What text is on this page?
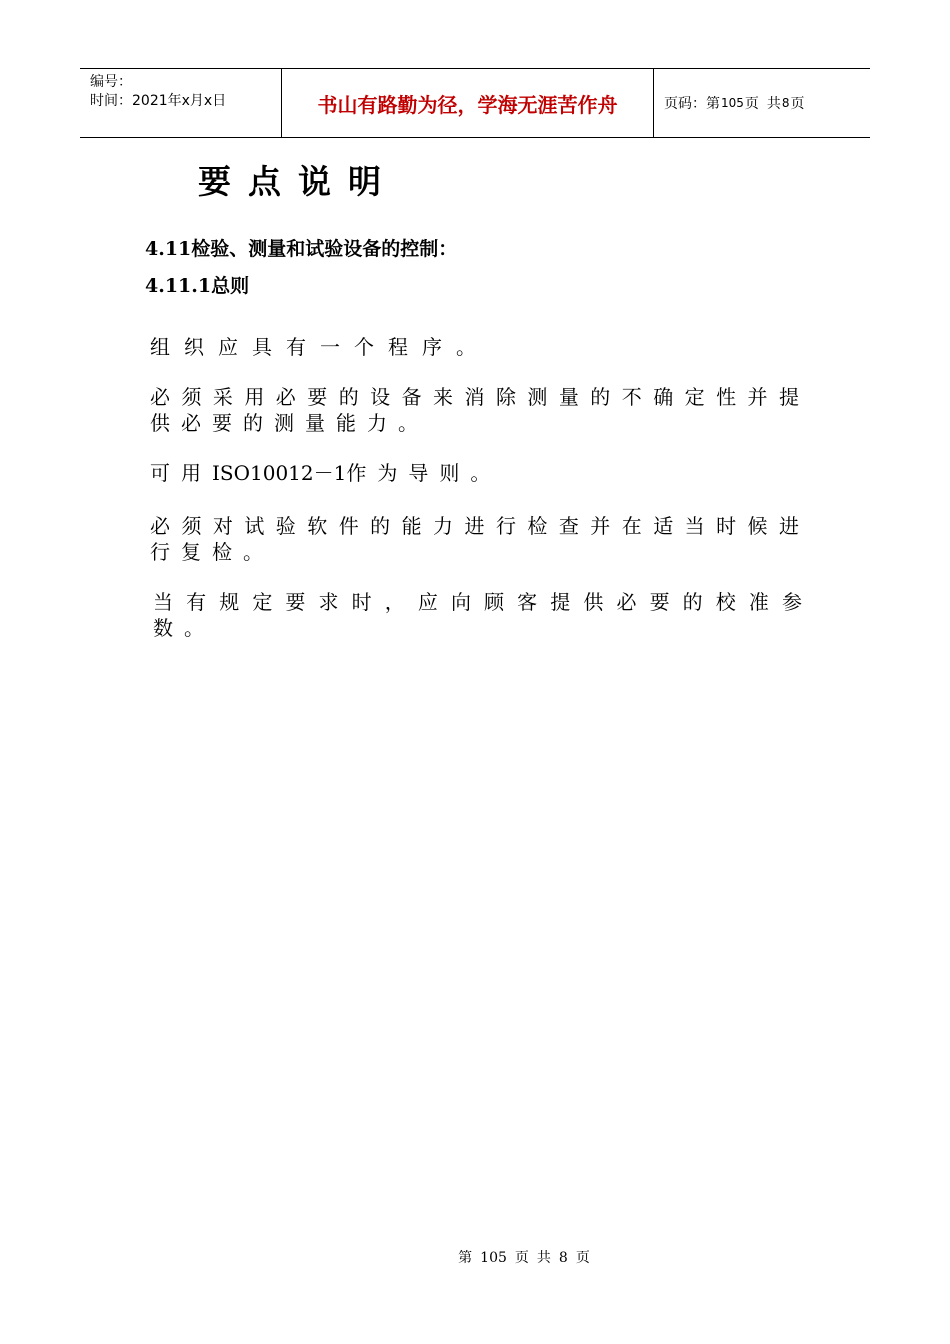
编号：
时间：2021年x月x日	书山有路勤为径，学海无涯苦作舟	页码：第 105 页 共 8 页
要点说明
4.11检验、测量和试验设备的控制：
4.11.1总则
组织应具有一个程序。
必须采用必要的设备来消除测量的不确定性并提供必要的测量能力。
可用ISO10012－1作为导则。
必须对试验软件的能力进行检查并在适当时候进行复检。
当有规定要求时，应向顾客提供必要的校准参数。
第 105 页 共 8 页
